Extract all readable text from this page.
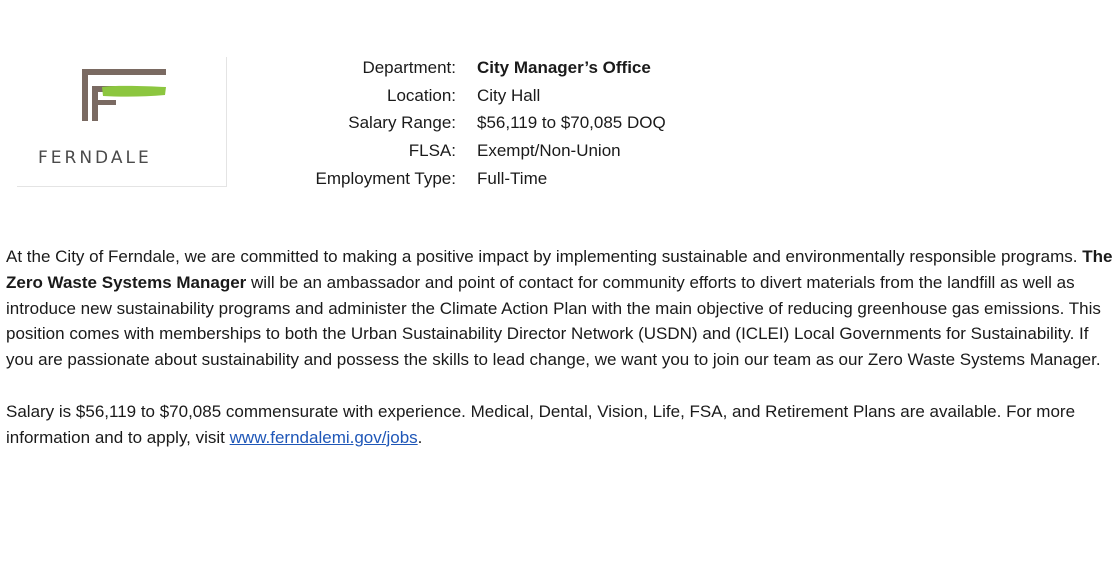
FERNDALE
Department:	City Manager’s Office
Location:	City Hall
Salary Range:	$56,119 to $70,085 DOQ
FLSA:	Exempt/Non-Union
Employment Type:	Full-Time

At the City of Ferndale, we are committed to making a positive impact by implementing sustainable and environmentally responsible programs. The Zero Waste Systems Manager will be an ambassador and point of contact for community efforts to divert materials from the landfill as well as introduce new sustainability programs and administer the Climate Action Plan with the main objective of reducing greenhouse gas emissions. This position comes with memberships to both the Urban Sustainability Director Network (USDN) and (ICLEI) Local Governments for Sustainability. If you are passionate about sustainability and possess the skills to lead change, we want you to join our team as our Zero Waste Systems Manager.

Salary is $56,119 to $70,085 commensurate with experience. Medical, Dental, Vision, Life, FSA, and Retirement Plans are available. For more information and to apply, visit www.ferndalemi.gov/jobs.
